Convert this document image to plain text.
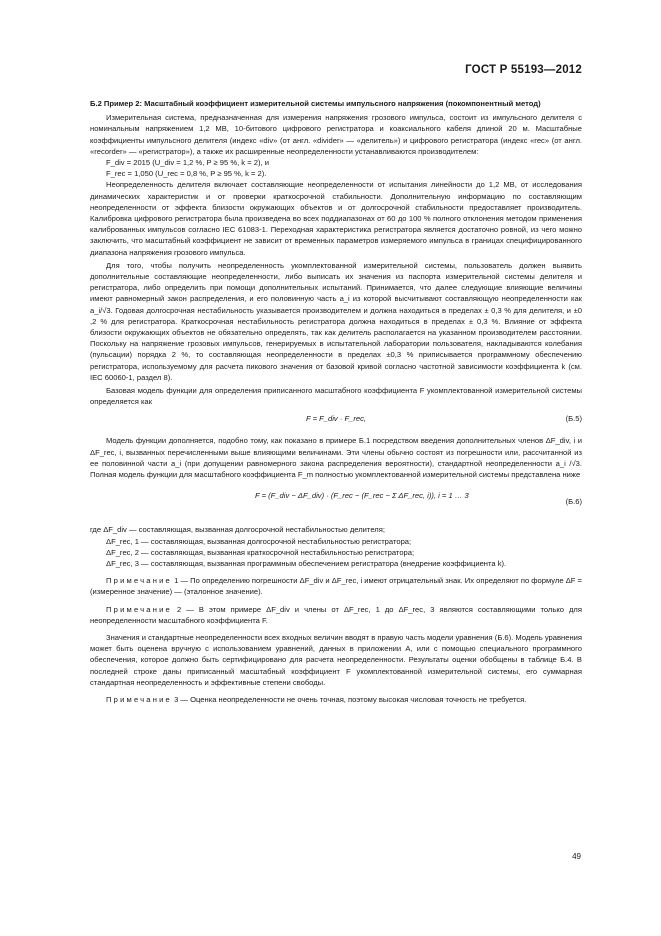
ГОСТ Р 55193—2012
Б.2 Пример 2: Масштабный коэффициент измерительной системы импульсного напряжения (покомпонентный метод)

Измерительная система, предназначенная для измерения напряжения грозового импульса, состоит из импульсного делителя с номинальным напряжением 1,2 МВ, 10-битового цифрового регистратора и коаксиального кабеля длиной 20 м. Масштабные коэффициенты импульсного делителя (индекс «div» (от англ. «divider» — «делитель») и цифрового регистратора (индекс «rec» (от англ. «recorder» — «регистратор»), а также их расширенные неопределенности устанавливаются производителем:

F_div = 2015 (U_div = 1,2 %, P ≥ 95 %, k = 2), и

F_rec = 1,050 (U_rec = 0,8 %, P ≥ 95 %, k = 2).

Неопределенность делителя включает составляющие неопределенности от испытания линейности до 1,2 МВ, от исследования динамических характеристик и от проверки краткосрочной стабильности. Дополнительную информацию по составляющим неопределенности от эффекта близости окружающих объектов и от долгосрочной стабильности предоставляет производитель. Калибровка цифрового регистратора была произведена во всех поддиапазонах от 60 до 100 % полного отклонения методом применения калиброванных импульсов согласно IEC 61083-1. Переходная характеристика регистратора является достаточно ровной, из чего можно заключить, что масштабный коэффициент не зависит от временных параметров измеряемого импульса в границах специфицированного диапазона напряжения грозового импульса.

Для того, чтобы получить неопределенность укомплектованной измерительной системы, пользователь должен выявить дополнительные составляющие неопределенности, либо выписать их значения из паспорта измерительной системы делителя и регистратора, либо определить при помощи дополнительных испытаний. Принимается, что далее следующие влияющие величины имеют равномерный закон распределения, и его половинную часть a_i из которой высчитывают составляющую неопределенности как a_i/√3. Годовая долгосрочная нестабильность указывается производителем и должна находиться в пределах ± 0,3 % для делителя, и ±0 ,2 % для регистратора. Краткосрочная нестабильность регистратора должна находиться в пределах ± 0,3 %. Влияние от эффекта близости окружающих объектов не обязательно определять, так как делитель располагается на указанном производителем расстоянии. Поскольку на напряжение грозовых импульсов, генерируемых в испытательной лаборатории пользователя, накладываются колебания (пульсации) порядка 2 %, то составляющая неопределенности в пределах ±0,3 % приписывается программному обеспечению регистратора, используемому для расчета пикового значения от базовой кривой согласно частотной зависимости коэффициента k (см. IEC 60060-1, раздел 8).

Базовая модель функции для определения приписанного масштабного коэффициента F укомплектованной измерительной системы определяется как

F = F_div · F_rec,	(Б.5)

Модель функции дополняется, подобно тому, как показано в примере Б.1 посредством введения дополнительных членов ΔF_div, i и ΔF_rec, i, вызванных перечисленными выше влияющими величинами. Эти члены обычно состоят из погрешности или, рассчитанной из ее половинной части a_i (при допущении равномерного закона распределения вероятности), стандартной неопределенности a_i /√3. Полная модель функции для масштабного коэффициента F_m полностью укомплектованной измерительной системы представлена ниже

F = (F_div − ΔF_div) · (F_rec − (F_rec − Σ ΔF_rec, i)), i = 1 … 3
(Б.6)

где ΔF_div — составляющая, вызванная долгосрочной нестабильностью делителя;

ΔF_rec, 1 — составляющая, вызванная долгосрочной нестабильностью регистратора;

ΔF_rec, 2 — составляющая, вызванная краткосрочной нестабильностью регистратора;

ΔF_rec, 3 — составляющая, вызванная программным обеспечением регистратора (внедрение коэффициента k).

Примечание 1 — По определению погрешности ΔF_div и ΔF_rec, i имеют отрицательный знак. Их определяют по формуле ΔF = (измеренное значение) — (эталонное значение).

Примечание 2 — В этом примере ΔF_div и члены от ΔF_rec, 1 до ΔF_rec, 3 являются составляющими только для неопределенности масштабного коэффициента F.

Значения и стандартные неопределенности всех входных величин вводят в правую часть модели уравнения (Б.6). Модель уравнения может быть оценена вручную с использованием уравнений, данных в приложении А, или с помощью специального программного обеспечения, которое должно быть сертифицировано для расчета неопределенности. Результаты оценки обобщены в таблице Б.4. В последней строке даны приписанный масштабный коэффициент F укомплектованной измерительной системы, его суммарная стандартная неопределенность и эффективные степени свободы.

Примечание 3 — Оценка неопределенности не очень точная, поэтому высокая числовая точность не требуется.

49
